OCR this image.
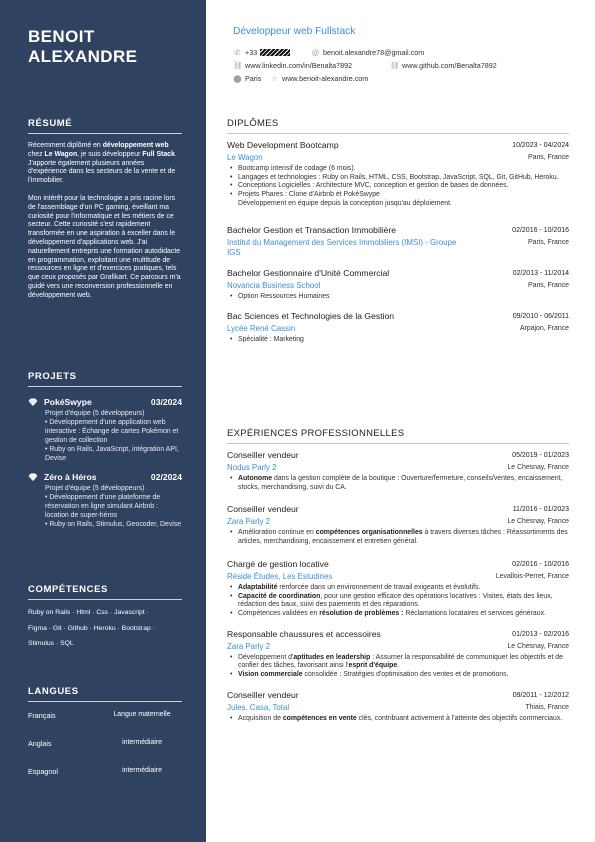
BENOIT
ALEXANDRE
RÉSUMÉ

Récemment diplômé en développement web chez Le Wagon, je suis développeur Full Stack.
J'apporte également plusieurs années d'expérience dans les secteurs de la vente et de l'immobilier.

Mon intérêt pour la technologie a pris racine lors de l'assemblage d'un PC gaming, éveillant ma curiosité pour l'informatique et les métiers de ce secteur. Cette curiosité s'est rapidement transformée en une aspiration à exceller dans le développement d'applications web. J'ai naturellement entrepris une formation autodidacte en programmation, exploitant une multitude de ressources en ligne et d'exercices pratiques, tels que ceux proposés par Grafikart. Ce parcours m'a guidé vers une reconversion professionnelle en développement web.

PROJETS
💎 PokéSwype	03/2024
Projet d'équipe (5 développeurs)
• Développement d'une application web interactive : Échange de cartes Pokémon et gestion de collection
• Ruby on Rails, JavaScript, intégration API, Devise
💎 Zéro à Héros	02/2024
Projet d'équipe (5 développeurs)
• Développement d'une plateforme de réservation en ligne simulant Airbnb : location de super-héros
• Ruby on Rails, Stimulus, Geocoder, Devise
COMPÉTENCES
Ruby on Rails · Html · Css · Javascript ·
Figma · Git · Github · Heroku · Bootstrap ·
Stimulus · SQL
LANGUES
Français	Langue maternelle
Anglais	intermédiaire
Espagnol	intermédiaire
Développeur web Fullstack
✆ +33	@ benoit.alexandre78@gmail.com
⛓ www.linkedin.com/in/Benalta7892	⛓ www.github.com/Benalta7892
⬤ Paris ☆ www.benoit-alexandre.com
DIPLÔMES
Web Development Bootcamp	10/2023 - 04/2024
Le Wagon	Paris, France
• Bootcamp intensif de codage (6 mois).
• Langages et technologies : Ruby on Rails, HTML, CSS, Bootstrap, JavaScript, SQL, Git, GitHub, Heroku.
• Conceptions Logicielles : Architecture MVC, conception et gestion de bases de données.
• Projets Phares : Clone d'Airbnb et PokéSwype
Développement en équipe depuis la conception jusqu'au déploiement.
Bachelor Gestion et Transaction Immobilière	02/2016 - 10/2016
Institut du Management des Services Immobiliers (IMSI) - Groupe IGS
Paris, France
Bachelor Gestionnaire d'Unité Commercial	02/2013 - 11/2014
Novancia Business School	Paris, France
• Option Ressources Humaines
Bac Sciences et Technologies de la Gestion	09/2010 - 06/2011
Lycée René Cassin	Arpajon, France
• Spécialité : Marketing
EXPÉRIENCES PROFESSIONNELLES
Conseiller vendeur	05/2019 - 01/2023
Nodus Parly 2	Le Chesnay, France
• Autonome dans la gestion complète de la boutique : Ouverture/fermeture, conseils/ventes, encaissement, stocks, merchandising, suivi du CA.
Conseiller vendeur	11/2016 - 01/2023
Zara Parly 2	Le Chesnay, France
• Amélioration continue en compétences organisationnelles à travers diverses tâches : Réassortiments des articles, merchandising, encaissement et entretien général.
Chargé de gestion locative	02/2016 - 10/2016
Réside Études, Les Estudines	Levallois-Perret, France
• Adaptabilité renforcée dans un environnement de travail exigeants et évolutifs.
• Capacité de coordination, pour une gestion efficace des opérations locatives : Visites, états des lieux, rédaction des baux, suivi des paiements et des réparations.
• Compétences validées en résolution de problèmes : Réclamations locataires et services généraux.
Responsable chaussures et accessoires	01/2013 - 02/2016
Zara Parly 2	Le Chesnay, France
• Développement d'aptitudes en leadership : Assumer la responsabilité de communiquer les objectifs et de confier des tâches, favorisant ainsi l'esprit d'équipe.
• Vision commerciale consolidée : Stratégies d'optimisation des ventes et de promotions.
Conseiller vendeur	09/2011 - 12/2012
Jules, Casa, Total	Thiais, France
• Acquisition de compétences en vente clés, contribuant activement à l'atteinte des objectifs commerciaux.
